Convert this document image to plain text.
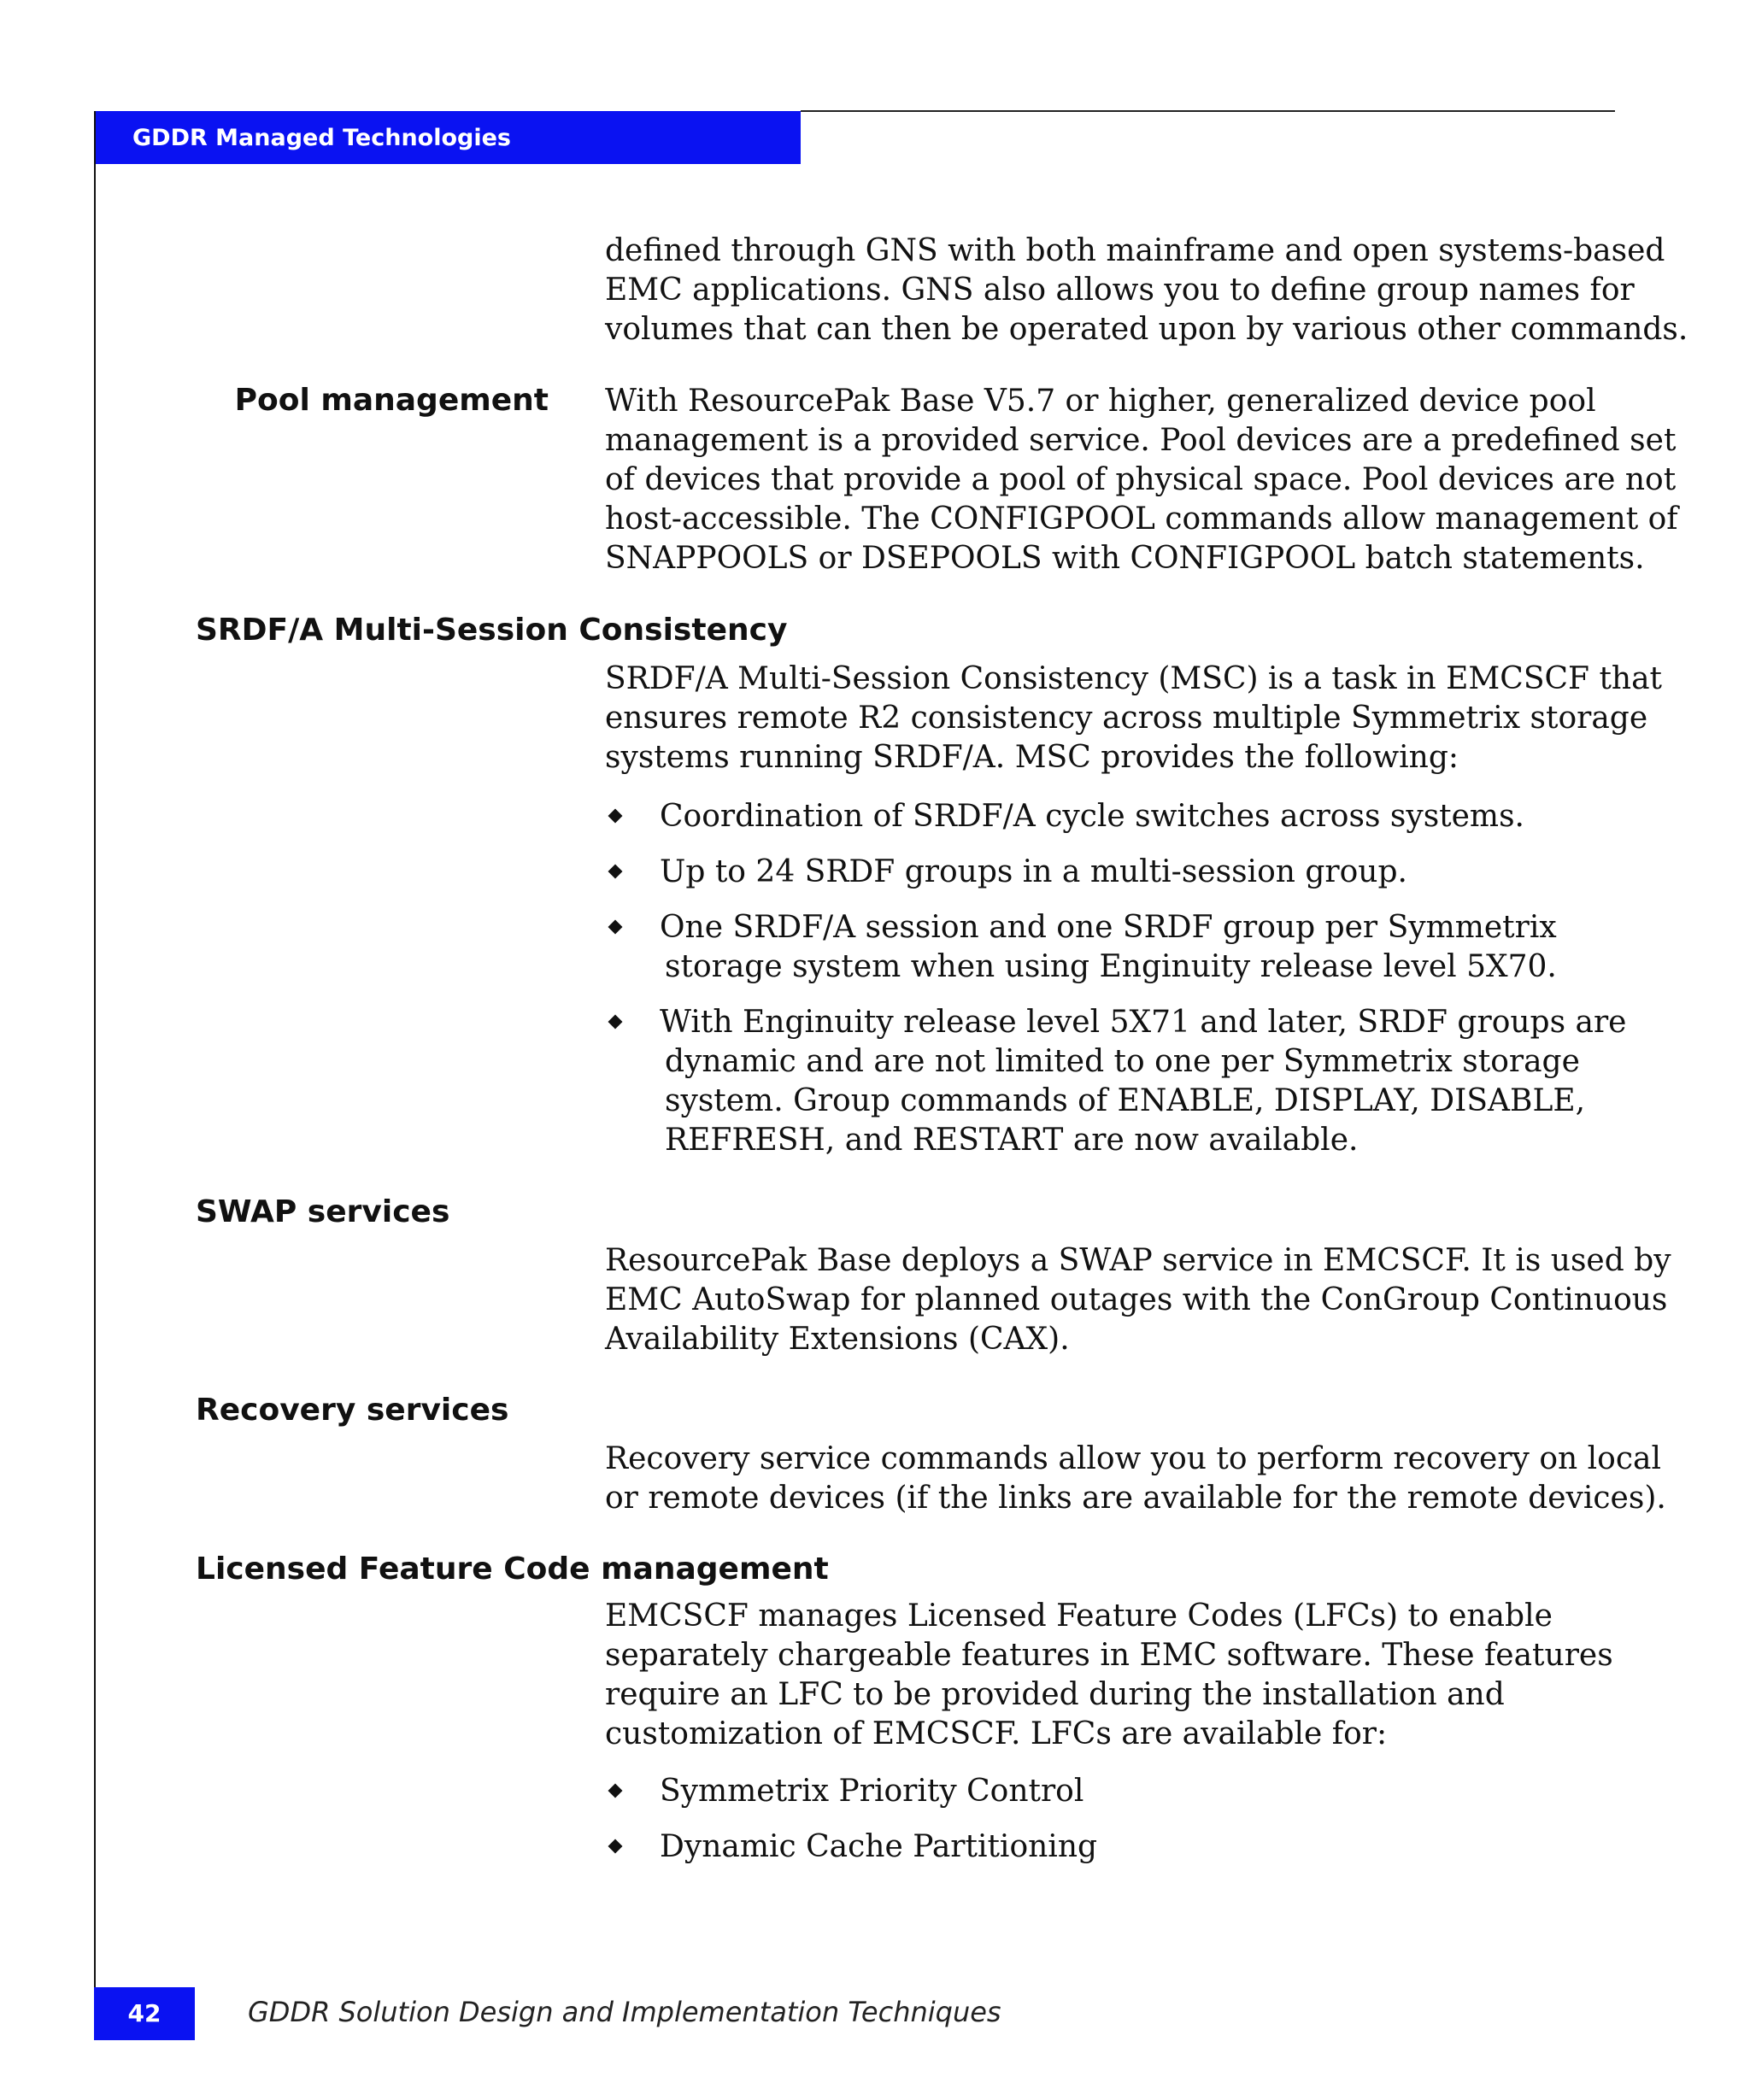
GDDR Managed Technologies

defined through GNS with both mainframe and open systems-based
EMC applications. GNS also allows you to define group names for
volumes that can then be operated upon by various other commands.

Pool management With ResourcePak Base V5.7 or higher, generalized device pool
management is a provided service. Pool devices are a predefined set
of devices that provide a pool of physical space. Pool devices are not
host-accessible. The CONFIGPOOL commands allow management of
SNAPPOOLS or DSEPOOLS with CONFIGPOOL batch statements.

SRDF/A Multi-Session Consistency

SRDF/A Multi-Session Consistency (MSC) is a task in EMCSCF that
ensures remote R2 consistency across multiple Symmetrix storage
systems running SRDF/A. MSC provides the following:

Coordination of SRDF/A cycle switches across systems.
Up to 24 SRDF groups in a multi-session group.
One SRDF/A session and one SRDF group per Symmetrix
storage system when using Enginuity release level 5X70.
With Enginuity release level 5X71 and later, SRDF groups are
dynamic and are not limited to one per Symmetrix storage
system. Group commands of ENABLE, DISPLAY, DISABLE,
REFRESH, and RESTART are now available.
SWAP services

ResourcePak Base deploys a SWAP service in EMCSCF. It is used by
EMC AutoSwap for planned outages with the ConGroup Continuous
Availability Extensions (CAX).

Recovery services

Recovery service commands allow you to perform recovery on local
or remote devices (if the links are available for the remote devices).

Licensed Feature Code management

EMCSCF manages Licensed Feature Codes (LFCs) to enable
separately chargeable features in EMC software. These features
require an LFC to be provided during the installation and
customization of EMCSCF. LFCs are available for:

Symmetrix Priority Control
Dynamic Cache Partitioning
42	GDDR Solution Design and Implementation Techniques
